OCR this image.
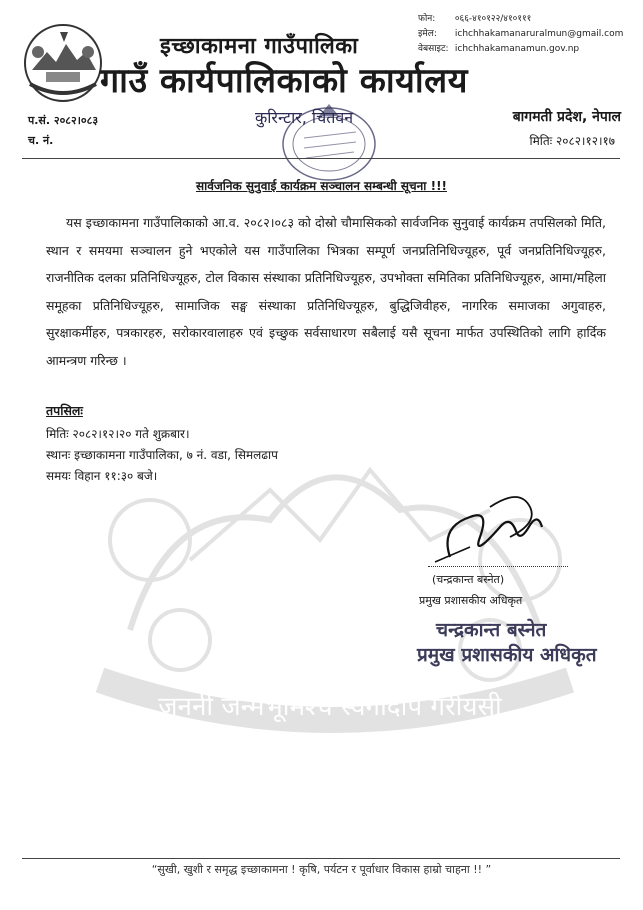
जननी जन्मभूमिश्च स्वर्गादपि गरीयसी
फोन: ०६६-४१०१२२/४१०१११
इमेल: ichchhakamanaruralmun@gmail.com
वेबसाइट: ichchhakamanamun.gov.np
इच्छाकामना गाउँपालिका
गाउँ कार्यपालिकाको कार्यालय
प.सं. २०८२।०८३
च. नं.
कुरिन्टार, चितवन	बागमती प्रदेश, नेपाल
मितिः २०८२।१२।१७
सार्वजनिक सुनुवाई कार्यक्रम सञ्चालन सम्बन्धी सूचना !!!
यस इच्छाकामना गाउँपालिकाको आ.व. २०८२।०८३ को दोस्रो चौमासिकको सार्वजनिक सुनुवाई कार्यक्रम तपसिलको मिति, स्थान र समयमा सञ्चालन हुने भएकोले यस गाउँपालिका भित्रका सम्पूर्ण जनप्रतिनिधिज्यूहरु, पूर्व जनप्रतिनिधिज्यूहरु, राजनीतिक दलका प्रतिनिधिज्यूहरु, टोल विकास संस्थाका प्रतिनिधिज्यूहरु, उपभोक्ता समितिका प्रतिनिधिज्यूहरु, आमा/महिला समूहका प्रतिनिधिज्यूहरु, सामाजिक सङ्घ संस्थाका प्रतिनिधिज्यूहरु, बुद्धिजिवीहरु, नागरिक समाजका अगुवाहरु, सुरक्षाकर्मीहरु, पत्रकारहरु, सरोकारवालाहरु एवं इच्छुक सर्वसाधारण सबैलाई यसै सूचना मार्फत उपस्थितिको लागि हार्दिक आमन्त्रण गरिन्छ ।
तपसिलः
मितिः २०८२।१२।२० गते शुक्रबार।
स्थानः इच्छाकामना गाउँपालिका, ७ नं. वडा, सिमलढाप
समयः विहान ११:३० बजे।
(चन्द्रकान्त बस्नेत)
प्रमुख प्रशासकीय अधिकृत
चन्द्रकान्त बस्नेत
प्रमुख प्रशासकीय अधिकृत
“सुखी, खुशी र समृद्ध इच्छाकामना ! कृषि, पर्यटन र पूर्वाधार विकास हाम्रो चाहना !! ”
